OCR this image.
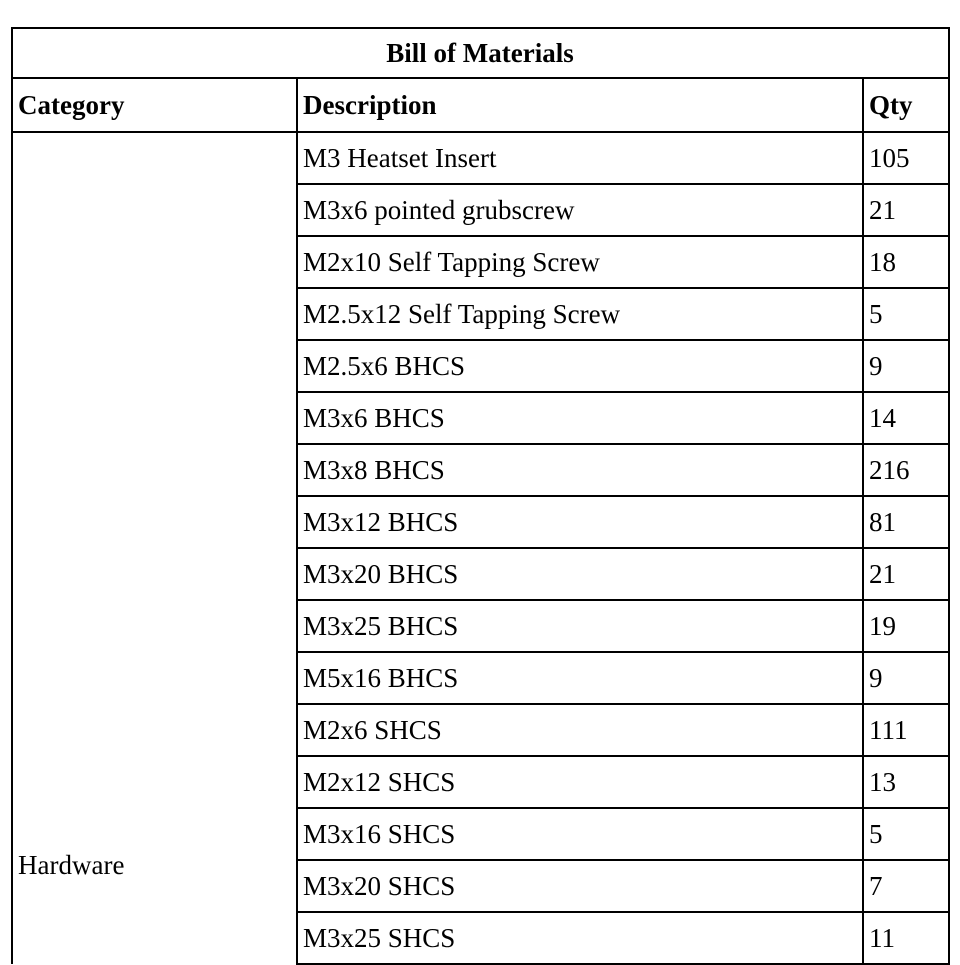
Bill of Materials		
Category	Description	Qty
Hardware	M3 Heatset Insert	105
	M3x6 pointed grubscrew	21
	M2x10 Self Tapping Screw	18
	M2.5x12 Self Tapping Screw	5
	M2.5x6 BHCS	9
	M3x6 BHCS	14
	M3x8 BHCS	216
	M3x12 BHCS	81
	M3x20 BHCS	21
	M3x25 BHCS	19
	M5x16 BHCS	9
	M2x6 SHCS	111
	M2x12 SHCS	13
	M3x16 SHCS	5
	M3x20 SHCS	7
	M3x25 SHCS	11
